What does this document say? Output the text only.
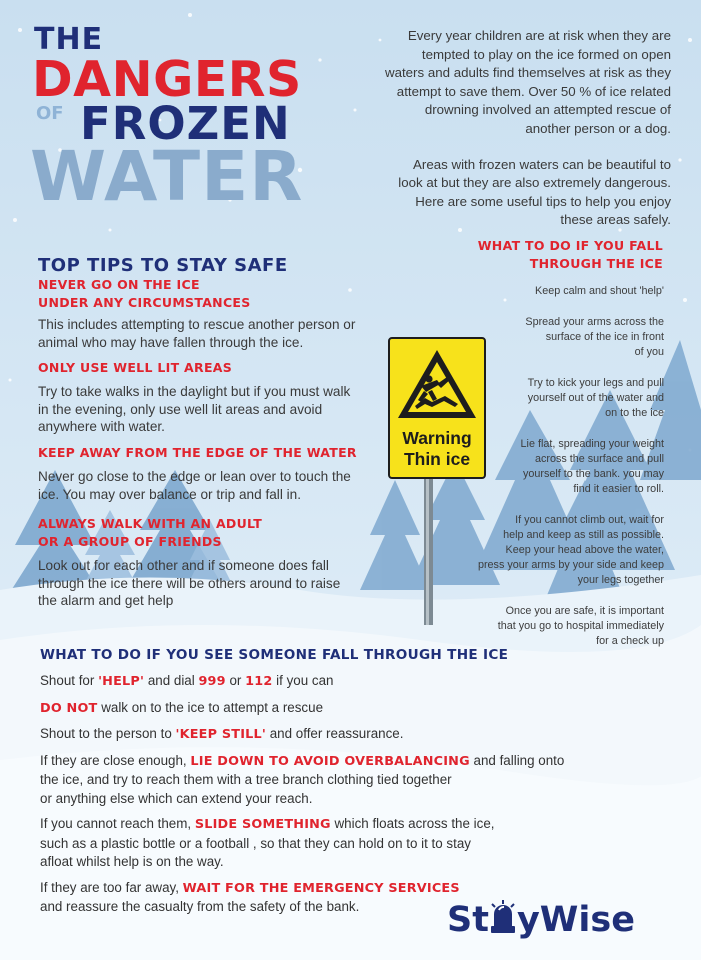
THE
DANGERS
OF FROZEN
WATER
Every year children are at risk when they are
tempted to play on the ice formed on open
waters and adults find themselves at risk as they
attempt to save them. Over 50 % of ice related
drowning involved an attempted rescue of
another person or a dog.
Areas with frozen waters can be beautiful to
look at but they are also extremely dangerous.
Here are some useful tips to help you enjoy
these areas safely.
TOP TIPS TO STAY SAFE
NEVER GO ON THE ICE
UNDER ANY CIRCUMSTANCES
This includes attempting to rescue another person or
animal who may have fallen through the ice.
ONLY USE WELL LIT AREAS
Try to take walks in the daylight but if you must walk
in the evening, only use well lit areas and avoid
anywhere with water.
KEEP AWAY FROM THE EDGE OF THE WATER
Never go close to the edge or lean over to touch the
ice. You may over balance or trip and fall in.
ALWAYS WALK WITH AN ADULT
OR A GROUP OF FRIENDS
Look out for each other and if someone does fall
through the ice there will be others around to raise
the alarm and get help
Warning
Thin ice
WHAT TO DO IF YOU FALL
THROUGH THE ICE
Keep calm and shout 'help'
Spread your arms across the
surface of the ice in front
of you
Try to kick your legs and pull
yourself out of the water and
on to the ice
Lie flat, spreading your weight
across the surface and pull
yourself to the bank. you may
find it easier to roll.
If you cannot climb out, wait for
help and keep as still as possible.
Keep your head above the water,
press your arms by your side and keep
your legs together
Once you are safe, it is important
that you go to hospital immediately
for a check up
WHAT TO DO IF YOU SEE SOMEONE FALL THROUGH THE ICE
Shout for 'HELP' and dial 999 or 112 if you can
DO NOT walk on to the ice to attempt a rescue
Shout to the person to 'KEEP STILL' and offer reassurance.
If they are close enough, LIE DOWN TO AVOID OVERBALANCING and falling onto
the ice, and try to reach them with a tree branch clothing tied together
or anything else which can extend your reach.
If you cannot reach them, SLIDE SOMETHING which floats across the ice,
such as a plastic bottle or a football , so that they can hold on to it to stay
afloat whilst help is on the way.
If they are too far away, WAIT FOR THE EMERGENCY SERVICES
and reassure the casualty from the safety of the bank.	St yWise
